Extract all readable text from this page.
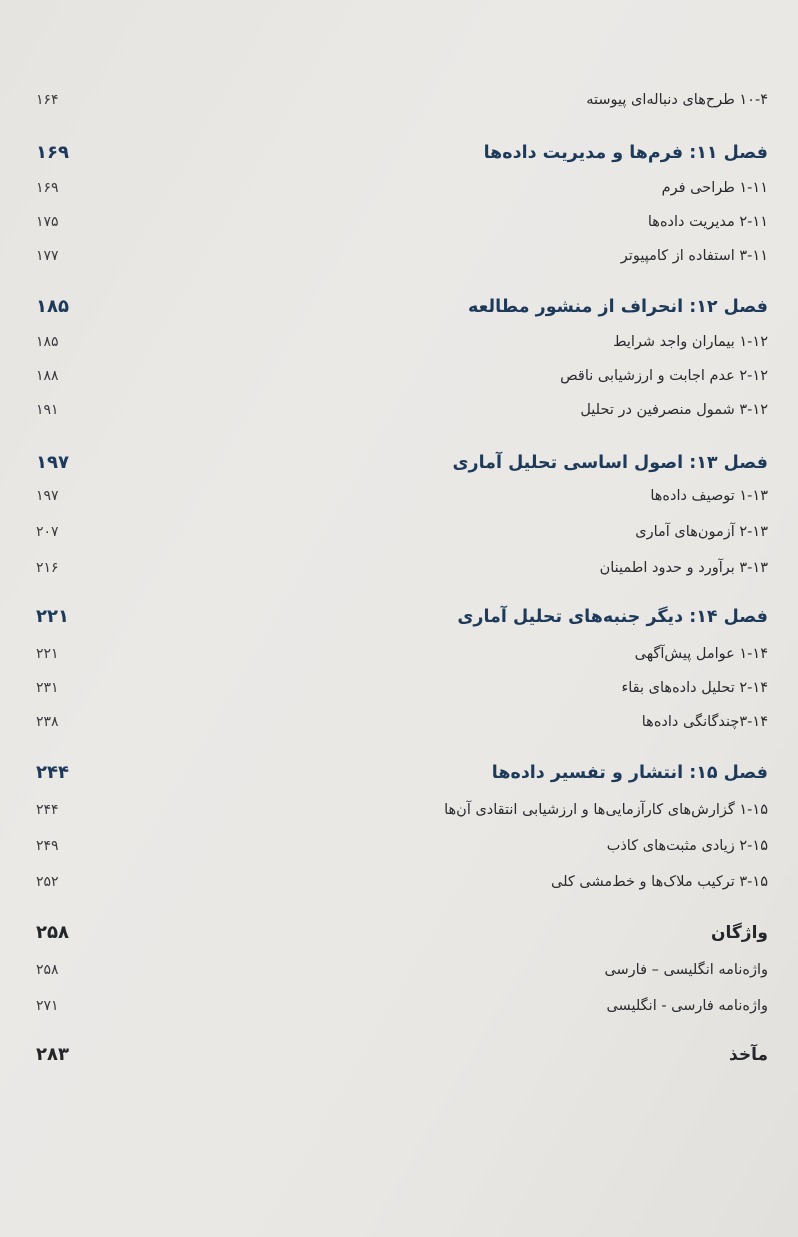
۱۶۴	۱۰-۴ طرح‌های دنباله‌ای پیوسته
۱۶۹	فصل ۱۱: فرم‌ها و مدیریت داده‌ها
۱۶۹	۱-۱۱ طراحی فرم
۱۷۵	۲-۱۱ مدیریت داده‌ها
۱۷۷	۳-۱۱ استفاده از کامپیوتر
۱۸۵	فصل ۱۲: انحراف از منشور مطالعه
۱۸۵	۱-۱۲ بیماران واجد شرایط
۱۸۸	۲-۱۲ عدم اجابت و ارزشیابی ناقص
۱۹۱	۳-۱۲ شمول منصرفین در تحلیل
۱۹۷	فصل ۱۳: اصول اساسی تحلیل آماری
۱۹۷	۱-۱۳ توصیف داده‌ها
۲۰۷	۲-۱۳ آزمون‌های آماری
۲۱۶	۳-۱۳ برآورد و حدود اطمینان
۲۲۱	فصل ۱۴: دیگر جنبه‌های تحلیل آماری
۲۲۱	۱-۱۴ عوامل پیش‌آگهی
۲۳۱	۲-۱۴ تحلیل داده‌های بقاء
۲۳۸	۳-۱۴چندگانگی داده‌ها
۲۴۴	فصل ۱۵: انتشار و تفسیر داده‌ها
۲۴۴	۱-۱۵ گزارش‌های کارآزمایی‌ها و ارزشیابی انتقادی آن‌ها
۲۴۹	۲-۱۵ زیادی مثبت‌های کاذب
۲۵۲	۳-۱۵ ترکیب ملاک‌ها و خط‌مشی کلی
۲۵۸	واژگان
۲۵۸	واژه‌نامه انگلیسی – فارسی
۲۷۱	واژه‌نامه فارسی - انگلیسی
۲۸۳	مآخذ
